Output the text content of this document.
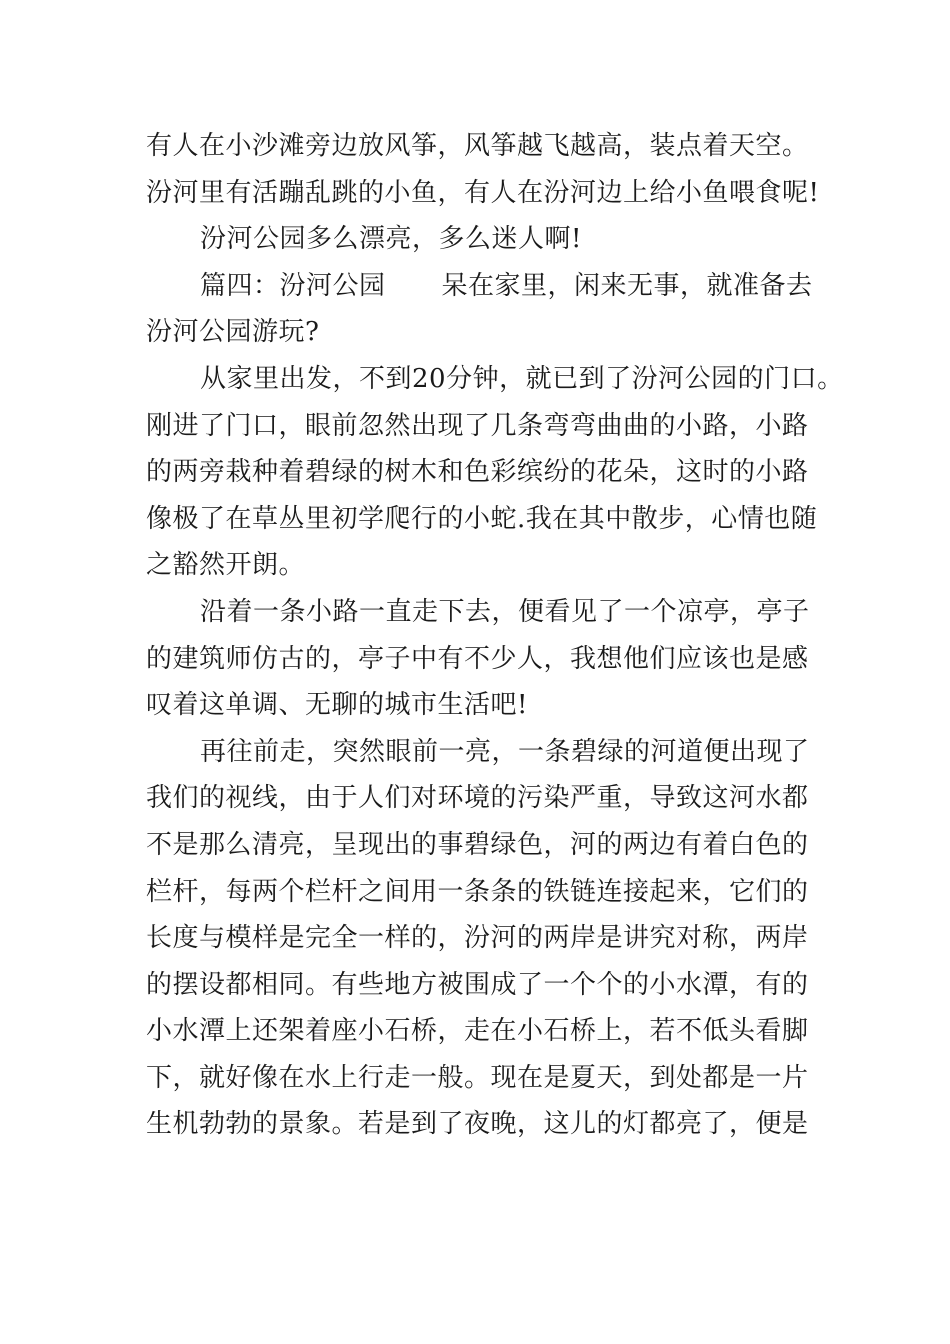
有人在小沙滩旁边放风筝，风筝越飞越高，装点着天空。
汾河里有活蹦乱跳的小鱼，有人在汾河边上给小鱼喂食呢!
汾河公园多么漂亮，多么迷人啊!
篇四：汾河公园 呆在家里，闲来无事，就准备去
汾河公园游玩?
从家里出发，不到20分钟，就已到了汾河公园的门口。
刚进了门口，眼前忽然出现了几条弯弯曲曲的小路，小路
的两旁栽种着碧绿的树木和色彩缤纷的花朵，这时的小路
像极了在草丛里初学爬行的小蛇.我在其中散步，心情也随
之豁然开朗。
沿着一条小路一直走下去，便看见了一个凉亭，亭子
的建筑师仿古的，亭子中有不少人，我想他们应该也是感
叹着这单调、无聊的城市生活吧!
再往前走，突然眼前一亮，一条碧绿的河道便出现了
我们的视线，由于人们对环境的污染严重，导致这河水都
不是那么清亮，呈现出的事碧绿色，河的两边有着白色的
栏杆，每两个栏杆之间用一条条的铁链连接起来，它们的
长度与模样是完全一样的，汾河的两岸是讲究对称，两岸
的摆设都相同。有些地方被围成了一个个的小水潭，有的
小水潭上还架着座小石桥，走在小石桥上，若不低头看脚
下，就好像在水上行走一般。现在是夏天，到处都是一片
生机勃勃的景象。若是到了夜晚，这儿的灯都亮了，便是
